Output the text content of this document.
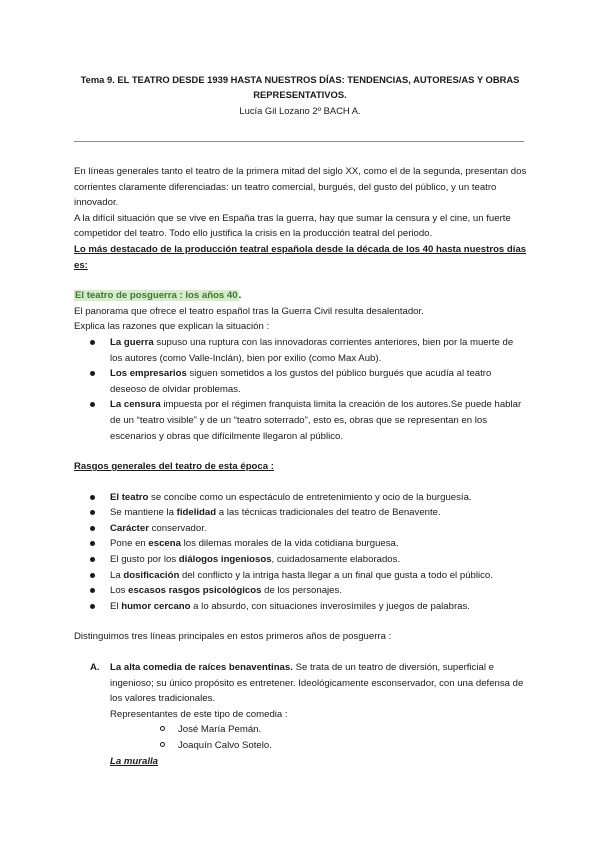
Tema 9. EL TEATRO DESDE 1939 HASTA NUESTROS DÍAS: TENDENCIAS, AUTORES/AS Y OBRAS
REPRESENTATIVOS.
Lucía Gil Lozano 2º BACH A.

En líneas generales tanto el teatro de la primera mitad del siglo XX, como el de la segunda, presentan dos corrientes claramente diferenciadas: un teatro comercial, burgués, del gusto del público, y un teatro innovador.

A la difícil situación que se vive en España tras la guerra, hay que sumar la censura y el cine, un fuerte competidor del teatro. Todo ello justifica la crisis en la producción teatral del periodo.

Lo más destacado de la producción teatral española desde la década de los 40 hasta nuestros días es:

El teatro de posguerra : los años 40.

El panorama que ofrece el teatro español tras la Guerra Civil resulta desalentador.

Explica las razones que explican la situación :

La guerra supuso una ruptura con las innovadoras corrientes anteriores, bien por la muerte de los autores (como Valle-Inclán), bien por exilio (como Max Aub).
Los empresarios siguen sometidos a los gustos del público burgués que acudía al teatro deseoso de olvidar problemas.
La censura impuesta por el régimen franquista limita la creación de los autores.Se puede hablar de un “teatro visible” y de un “teatro soterrado”, esto es, obras que se representan en los escenarios y obras que difícilmente llegaron al público.

Rasgos generales del teatro de esta época :

El teatro se concibe como un espectáculo de entretenimiento y ocio de la burguesía.
Se mantiene la fidelidad a las técnicas tradicionales del teatro de Benavente.
Carácter conservador.
Pone en escena los dilemas morales de la vida cotidiana burguesa.
El gusto por los diálogos ingeniosos, cuidadosamente elaborados.
La dosificación del conflicto y la intriga hasta llegar a un final que gusta a todo el público.
Los escasos rasgos psicológicos de los personajes.
El humor cercano a lo absurdo, con situaciones inverosímiles y juegos de palabras.

Distinguimos tres líneas principales en estos primeros años de posguerra :

A. La alta comedia de raíces benaventinas. Se trata de un teatro de diversión, superficial e ingenioso; su único propósito es entretener. Ideológicamente esconservador, con una defensa de los valores tradicionales.

Representantes de este tipo de comedia :

José María Pemán.
Joaquín Calvo Sotelo.

La muralla
